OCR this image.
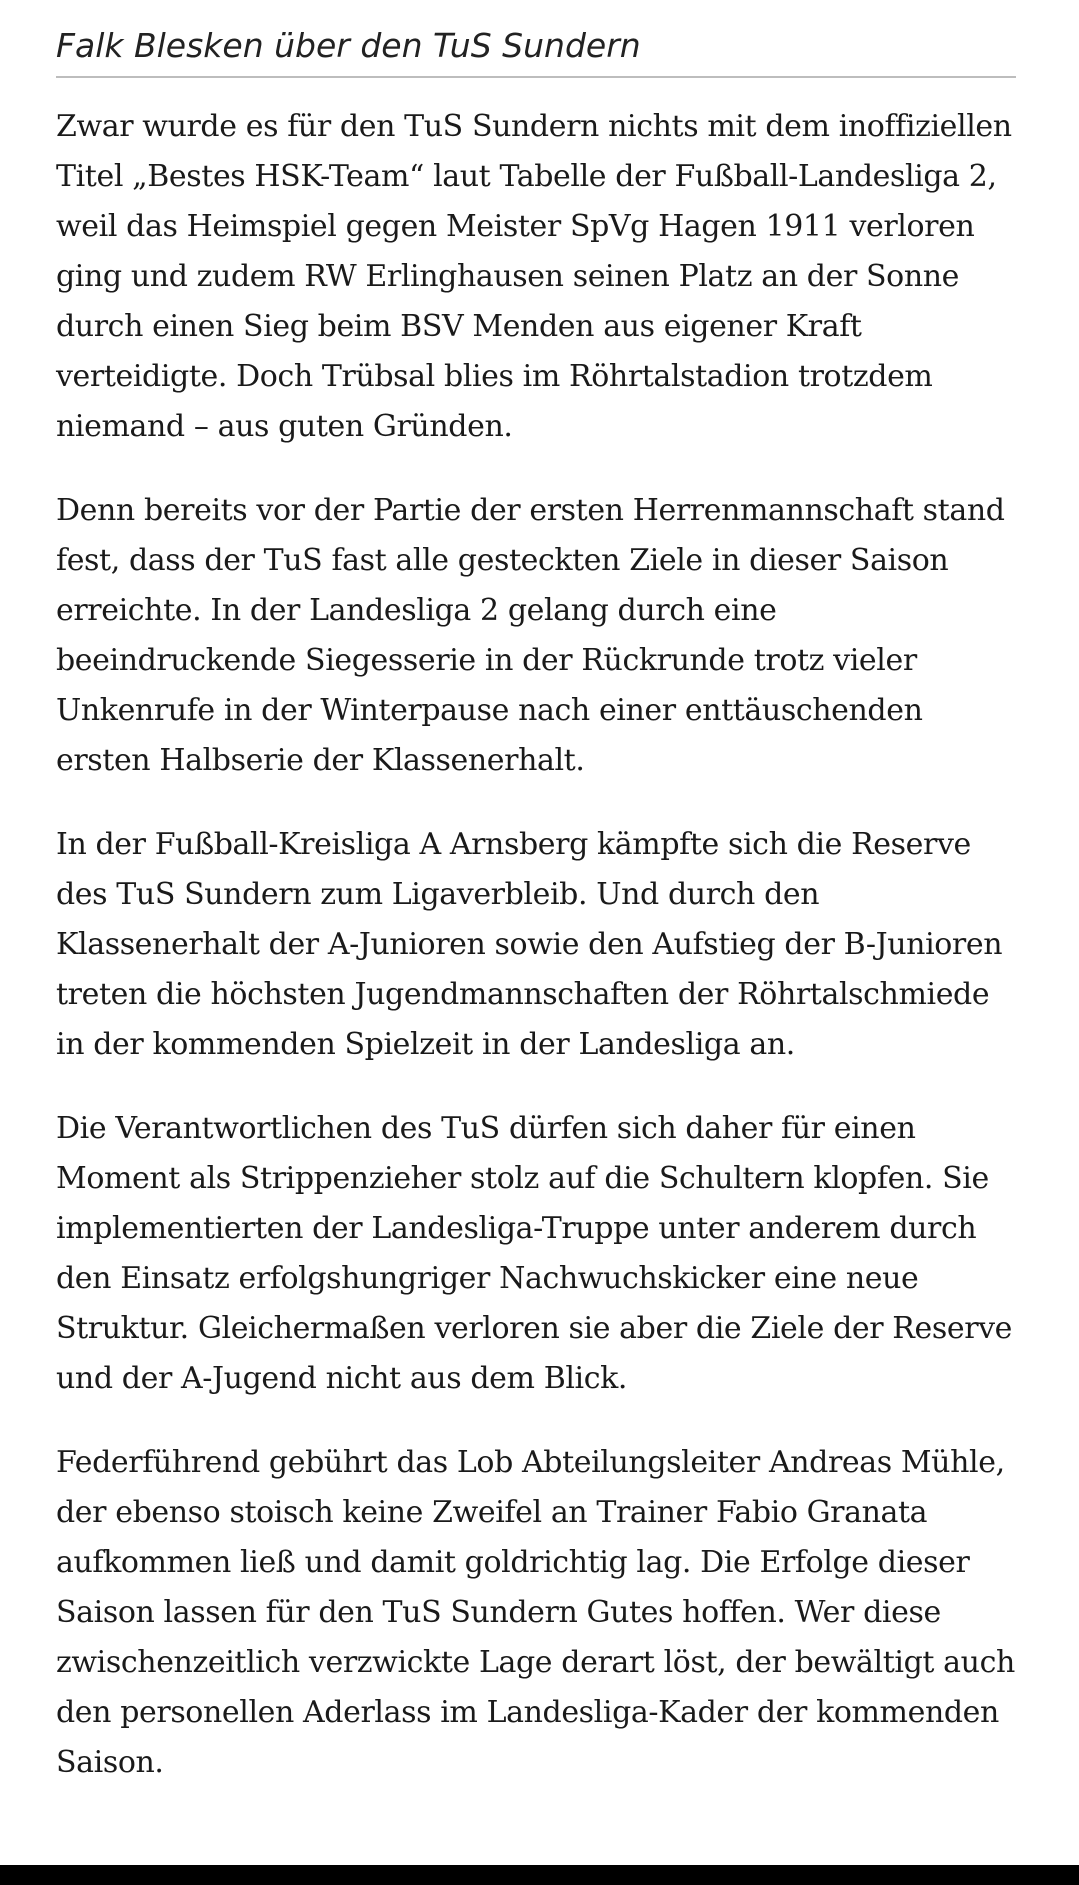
Falk Blesken über den TuS Sundern

Zwar wurde es für den TuS Sundern nichts mit dem inoffiziellen Titel „Bestes HSK-Team“ laut Tabelle der Fußball-Landesliga 2, weil das Heimspiel gegen Meister SpVg Hagen 1911 verloren ging und zudem RW Erlinghausen seinen Platz an der Sonne durch einen Sieg beim BSV Menden aus eigener Kraft verteidigte. Doch Trübsal blies im Röhrtalstadion trotzdem niemand – aus guten Gründen.

Denn bereits vor der Partie der ersten Herrenmannschaft stand fest, dass der TuS fast alle gesteckten Ziele in dieser Saison erreichte. In der Landesliga 2 gelang durch eine beeindruckende Siegesserie in der Rückrunde trotz vieler Unkenrufe in der Winterpause nach einer enttäuschenden ersten Halbserie der Klassenerhalt.

In der Fußball-Kreisliga A Arnsberg kämpfte sich die Reserve des TuS Sundern zum Ligaverbleib. Und durch den Klassenerhalt der A-Junioren sowie den Aufstieg der B-Junioren treten die höchsten Jugendmannschaften der Röhrtalschmiede in der kommenden Spielzeit in der Landesliga an.

Die Verantwortlichen des TuS dürfen sich daher für einen Moment als Strippenzieher stolz auf die Schultern klopfen. Sie implementierten der Landesliga-Truppe unter anderem durch den Einsatz erfolgshungriger Nachwuchskicker eine neue Struktur. Gleichermaßen verloren sie aber die Ziele der Reserve und der A-Jugend nicht aus dem Blick.

Federführend gebührt das Lob Abteilungsleiter Andreas Mühle, der ebenso stoisch keine Zweifel an Trainer Fabio Granata aufkommen ließ und damit goldrichtig lag. Die Erfolge dieser Saison lassen für den TuS Sundern Gutes hoffen. Wer diese zwischenzeitlich verzwickte Lage derart löst, der bewältigt auch den personellen Aderlass im Landesliga-Kader der kommenden Saison.
